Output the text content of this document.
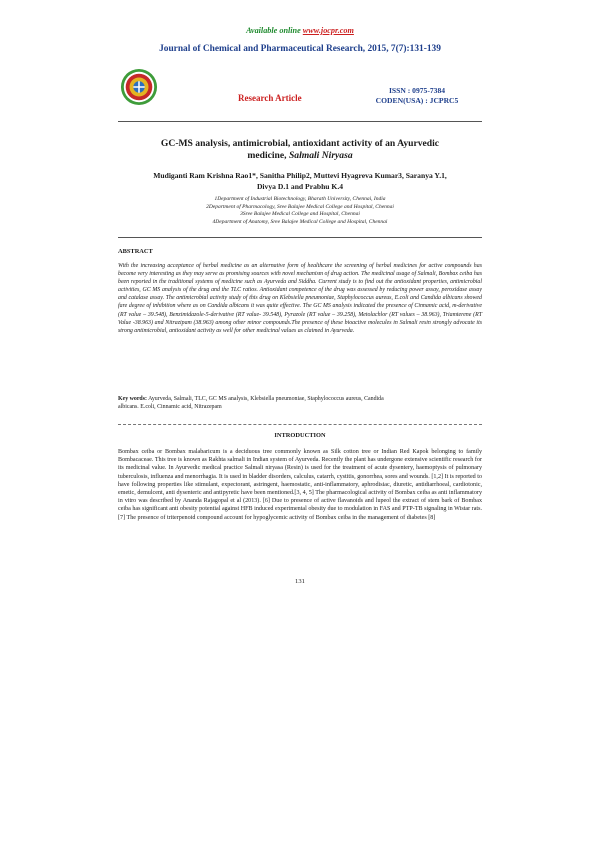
Available online www.jocpr.com
Journal of Chemical and Pharmaceutical Research, 2015, 7(7):131-139
Research Article
ISSN : 0975-7384
CODEN(USA) : JCPRC5
GC-MS analysis, antimicrobial, antioxidant activity of an Ayurvedic
medicine, Salmali Niryasa
Mudiganti Ram Krishna Rao1*, Sanitha Philip2, Muttevi Hyagreva Kumar3, Saranya Y.1,
Divya D.1 and Prabhu K.4
1Department of Industrial Biotechnology, Bharath University, Chennai, India
2Department of Pharmacology, Sree Balajee Medical College and Hospital, Chennai
3Sree Balajee Medical College and Hospital, Chennai
4Department of Anatomy, Sree Balajee Medical College and Hospital, Chennai
ABSTRACT
With the increasing acceptance of herbal medicine as an alternative form of healthcare the screening of herbal medicines for active compounds has become very interesting as they may serve as promising sources with novel mechanism of drug action. The medicinal usage of Salmali, Bombax ceiba has been reported in the traditional systems of medicine such as Ayurveda and Siddha. Current study is to find out the antioxidant properties, antimicrobial activities, GC MS analysis of the drug and the TLC ratios. Antioxidant competence of the drug was assessed by reducing power assay, peroxidase assay and catalase assay. The antimicrobial activity study of this drug on Klebsiella pneumoniae, Staphylococcus aureus, E.coli and Candida albicans showed fare degree of inhibition where as on Candida albicans it was quite effective. The GC MS analysis indicated the presence of Cinnamic acid, m-derivative (RT value – 39.548), Benzimidazole-5-derivative (RT value- 39.548), Pyrazole (RT value – 39.258), Metolachlor (RT values – 38.963), Triamterene (RT Value -38.963) and Nitrazipam (38.963) among other minor compounds.The presence of these bioactive molecules in Salmali resin strongly advocate its strong antimicrobial, antioxidant activity as well for other medicinal values as claimed in Ayurveda.
Key words: Ayurveda, Salmali, TLC, GC MS analysis, Klebsiella pneumoniae, Staphylococcus aureus, Candida
albicans. E.coli, Cinnamic acid, Nitrazepam
INTRODUCTION
Bombax ceiba or Bombax malabaricum is a deciduous tree commonly known as Silk cotton tree or Indian Red Kapok belonging to family Bombacaceae. This tree is known as Rakhta salmali in Indian system of Ayurveda. Recently the plant has undergone extensive scientific research for its medicinal value. In Ayurvedic medical practice Salmali niryasa (Resin) is used for the treatment of acute dysentery, haemoptysis of pulmonary tuberculosis, influenza and menorrhagia. It is used in bladder disorders, calculus, catarrh, cystitis, gonorrhea, sores and wounds. [1,2] It is reported to have following properties like stimulant, expectorant, astringent, haemostatic, anti-inflammatory, aphrodisiac, diuretic, antidiarrhoeal, cardiotonic, emetic, demulcent, anti dysenteric and antipyretic have been mentioned.[3, 4, 5] The pharmacological activity of Bombax ceiba as anti inflammatory in vitro was described by Ananda Rajagopal et al (2013). [6] Due to presence of active flavanoids and lupeol the extract of stem bark of Bombax ceiba has significant anti obesity potential against HFB induced experimental obesity due to modulation in FAS and PTP-TB signaling in Wistar rats.[7] The presence of triterpenoid compound account for hypoglycemic activity of Bombax ceiba in the management of diabetes [8]
131
